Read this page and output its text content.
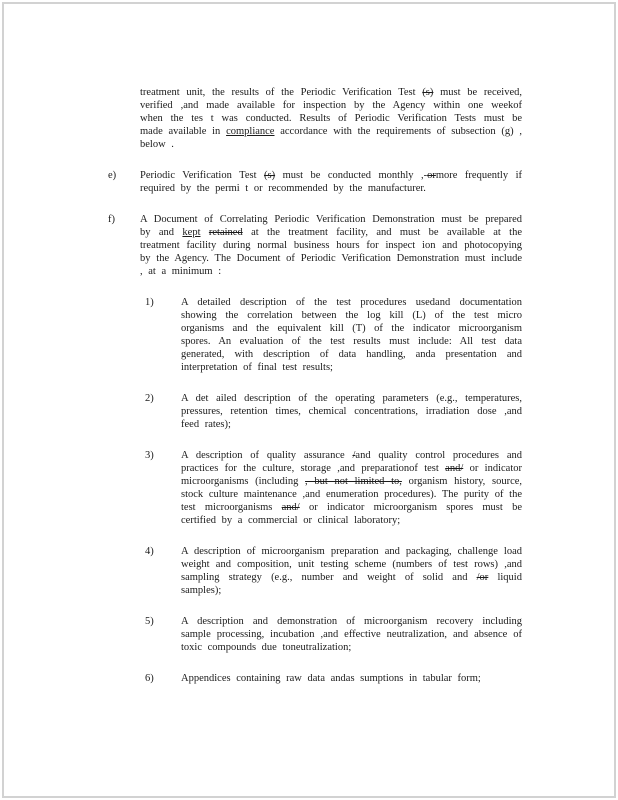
treatment unit, the results of the Periodic Verification Test (s) must be received, verified ,and made available for inspection by the Agency within one weekof when the tes t was conducted. Results of Periodic Verification Tests must be made available in compliance accordance with the requirements of subsection (g) , below .
e)	Periodic Verification Test (s) must be conducted monthly ,-ormore frequently if required by the permi t or recommended by the manufacturer.
f)	A Document of Correlating Periodic Verification Demonstration must be prepared by and kept retained at the treatment facility, and must be available at the treatment facility during normal business hours for inspect ion and photocopying by the Agency. The Document of Periodic Verification Demonstration must include , at a minimum :
1)	A detailed description of the test procedures usedand documentation showing the correlation between the log kill (L) of the test micro organisms and the equivalent kill (T) of the indicator microorganism spores. An evaluation of the test results must include: All test data generated, with description of data handling, anda presentation and interpretation of final test results;
2)	A det ailed description of the operating parameters (e.g., temperatures, pressures, retention times, chemical concentrations, irradiation dose ,and feed rates);
3)	A description of quality assurance /and quality control procedures and practices for the culture, storage ,and preparationof test and/ or indicator microorganisms (including , but not limited to, organism history, source, stock culture maintenance ,and enumeration procedures). The purity of the test microorganisms and/ or indicator microorganism spores must be certified by a commercial or clinical laboratory;
4)	A description of microorganism preparation and packaging, challenge load weight and composition, unit testing scheme (numbers of test rows) ,and sampling strategy (e.g., number and weight of solid and /or liquid samples);
5)	A description and demonstration of microorganism recovery including sample processing, incubation ,and effective neutralization, and absence of toxic compounds due toneutralization;
6)	Appendices containing raw data andas sumptions in tabular form;
